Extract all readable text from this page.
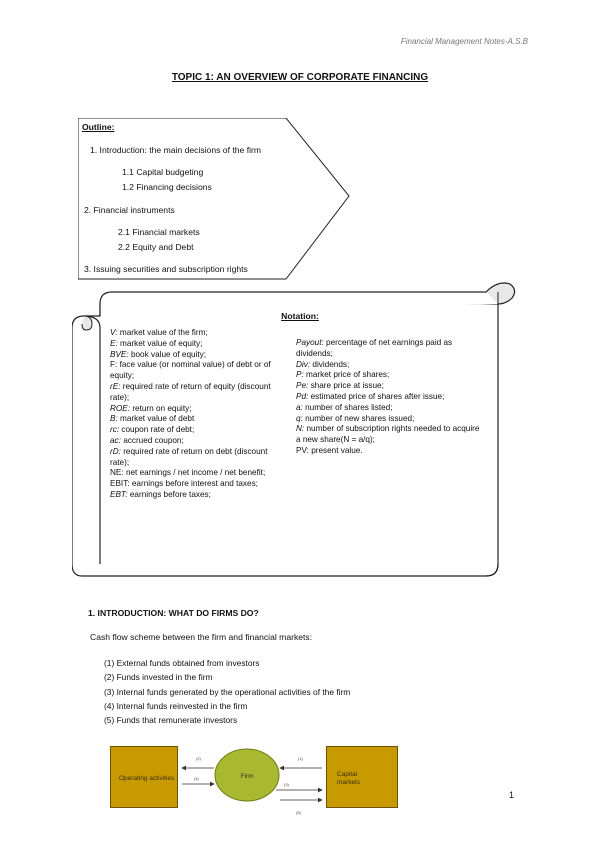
Financial Management Notes-A.S.B
TOPIC 1: AN OVERVIEW OF CORPORATE FINANCING
Outline:
1. Introduction: the main decisions of the firm
1.1 Capital budgeting
1.2 Financing decisions
2. Financial instruments
2.1 Financial markets
2.2 Equity and Debt
3. Issuing securities and subscription rights
Notation:
V: market value of the firm;
E: market value of equity;
BVE: book value of equity;
F: face value (or nominal value) of debt or of equity;
rE: required rate of return of equity (discount rate);
ROE: return on equity;
B: market value of debt
rc: coupon rate of debt;
ac: accrued coupon;
rD: required rate of return on debt (discount rate);
NE: net earnings / net income / net benefit;
EBIT: earnings before interest and taxes;
EBT: earnings before taxes;
Payout: percentage of net earnings paid as dividends;
Div: dividends;
P: market price of shares;
Pe: share price at issue;
Pd: estimated price of shares after issue;
a: number of shares listed;
q: number of new shares issued;
N: number of subscription rights needed to acquire a new share(N = a/q);
PV: present value.
1. INTRODUCTION: WHAT DO FIRMS DO?
Cash flow scheme between the firm and financial markets:
(1) External funds obtained from investors
(2) Funds invested in the firm
(3) Internal funds generated by the operational activities of the firm
(4) Internal funds reinvested in the firm
(5) Funds that remunerate investors
Operating activities	Firm
(2)
(4)
(1)
(3)
(5)
Capital markets
1
